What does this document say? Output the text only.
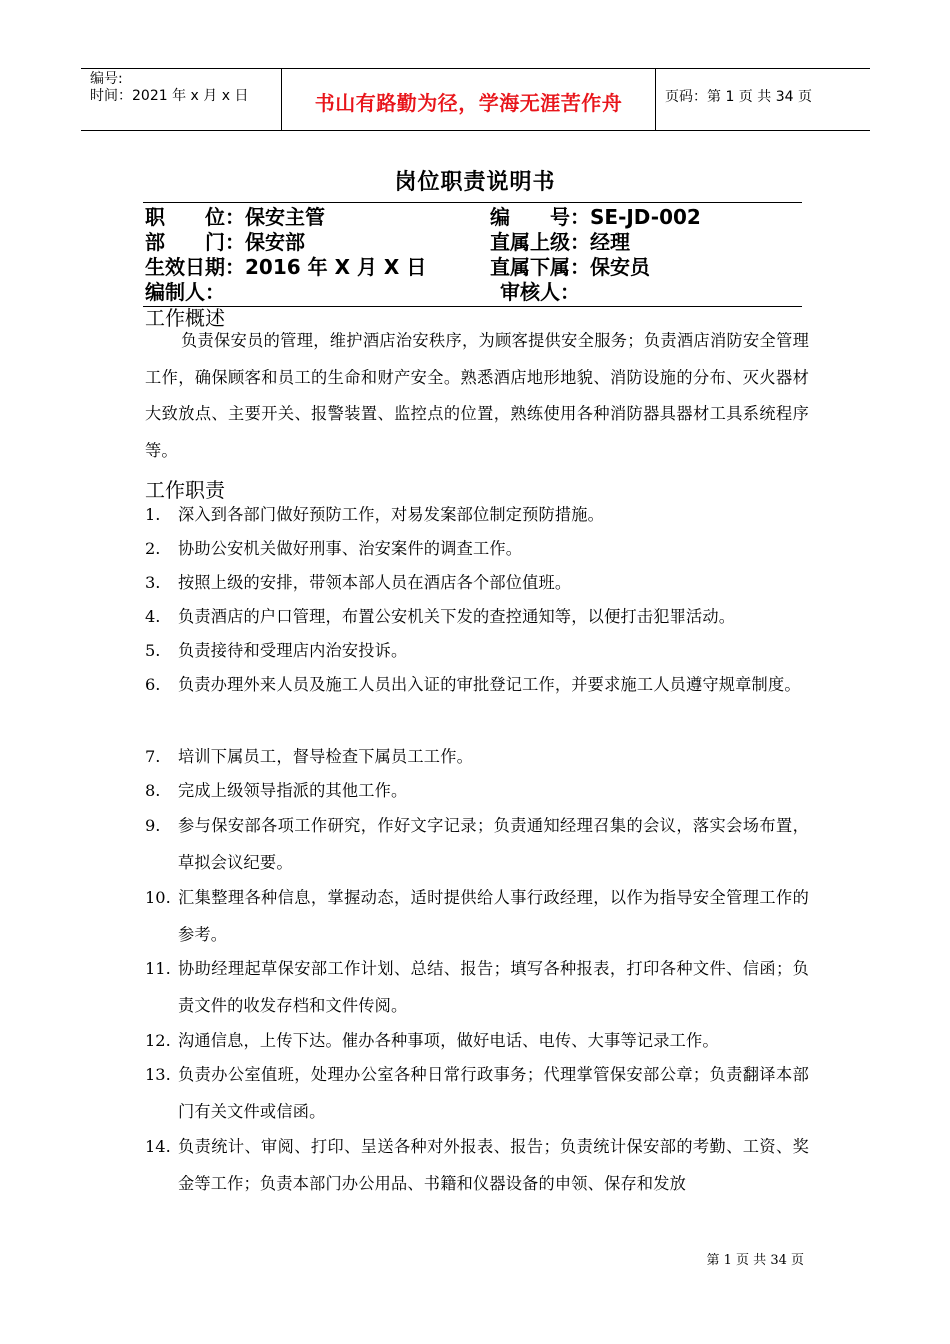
编号:
时间：2021 年 x 月 x 日	书山有路勤为径，学海无涯苦作舟	页码：第 1 页 共 34 页
岗位职责说明书
职　　位：保安主管	编　　号：SE-JD-002
部　　门：保安部	直属上级：经理
生效日期：2016 年 X 月 X 日	直属下属：保安员
编制人：	审核人：
工作概述
负责保安员的管理，维护酒店治安秩序，为顾客提供安全服务；负责酒店消防安全管理工作，确保顾客和员工的生命和财产安全。熟悉酒店地形地貌、消防设施的分布、灭火器材大致放点、主要开关、报警装置、监控点的位置，熟练使用各种消防器具器材工具系统程序等。
工作职责
1.	深入到各部门做好预防工作，对易发案部位制定预防措施。
2.	协助公安机关做好刑事、治安案件的调查工作。
3.	按照上级的安排，带领本部人员在酒店各个部位值班。
4.	负责酒店的户口管理，布置公安机关下发的查控通知等，以便打击犯罪活动。
5.	负责接待和受理店内治安投诉。
6.	负责办理外来人员及施工人员出入证的审批登记工作，并要求施工人员遵守规章制度。
7.	培训下属员工，督导检查下属员工工作。
8.	完成上级领导指派的其他工作。
9.	参与保安部各项工作研究，作好文字记录；负责通知经理召集的会议，落实会场布置，草拟会议纪要。
10. 汇集整理各种信息，掌握动态，适时提供给人事行政经理，以作为指导安全管理工作的参考。
11. 协助经理起草保安部工作计划、总结、报告；填写各种报表，打印各种文件、信函；负责文件的收发存档和文件传阅。
12. 沟通信息，上传下达。催办各种事项，做好电话、电传、大事等记录工作。
13. 负责办公室值班，处理办公室各种日常行政事务；代理掌管保安部公章；负责翻译本部门有关文件或信函。
14. 负责统计、审阅、打印、呈送各种对外报表、报告；负责统计保安部的考勤、工资、奖金等工作；负责本部门办公用品、书籍和仪器设备的申领、保存和发放
第 1 页 共 34 页
